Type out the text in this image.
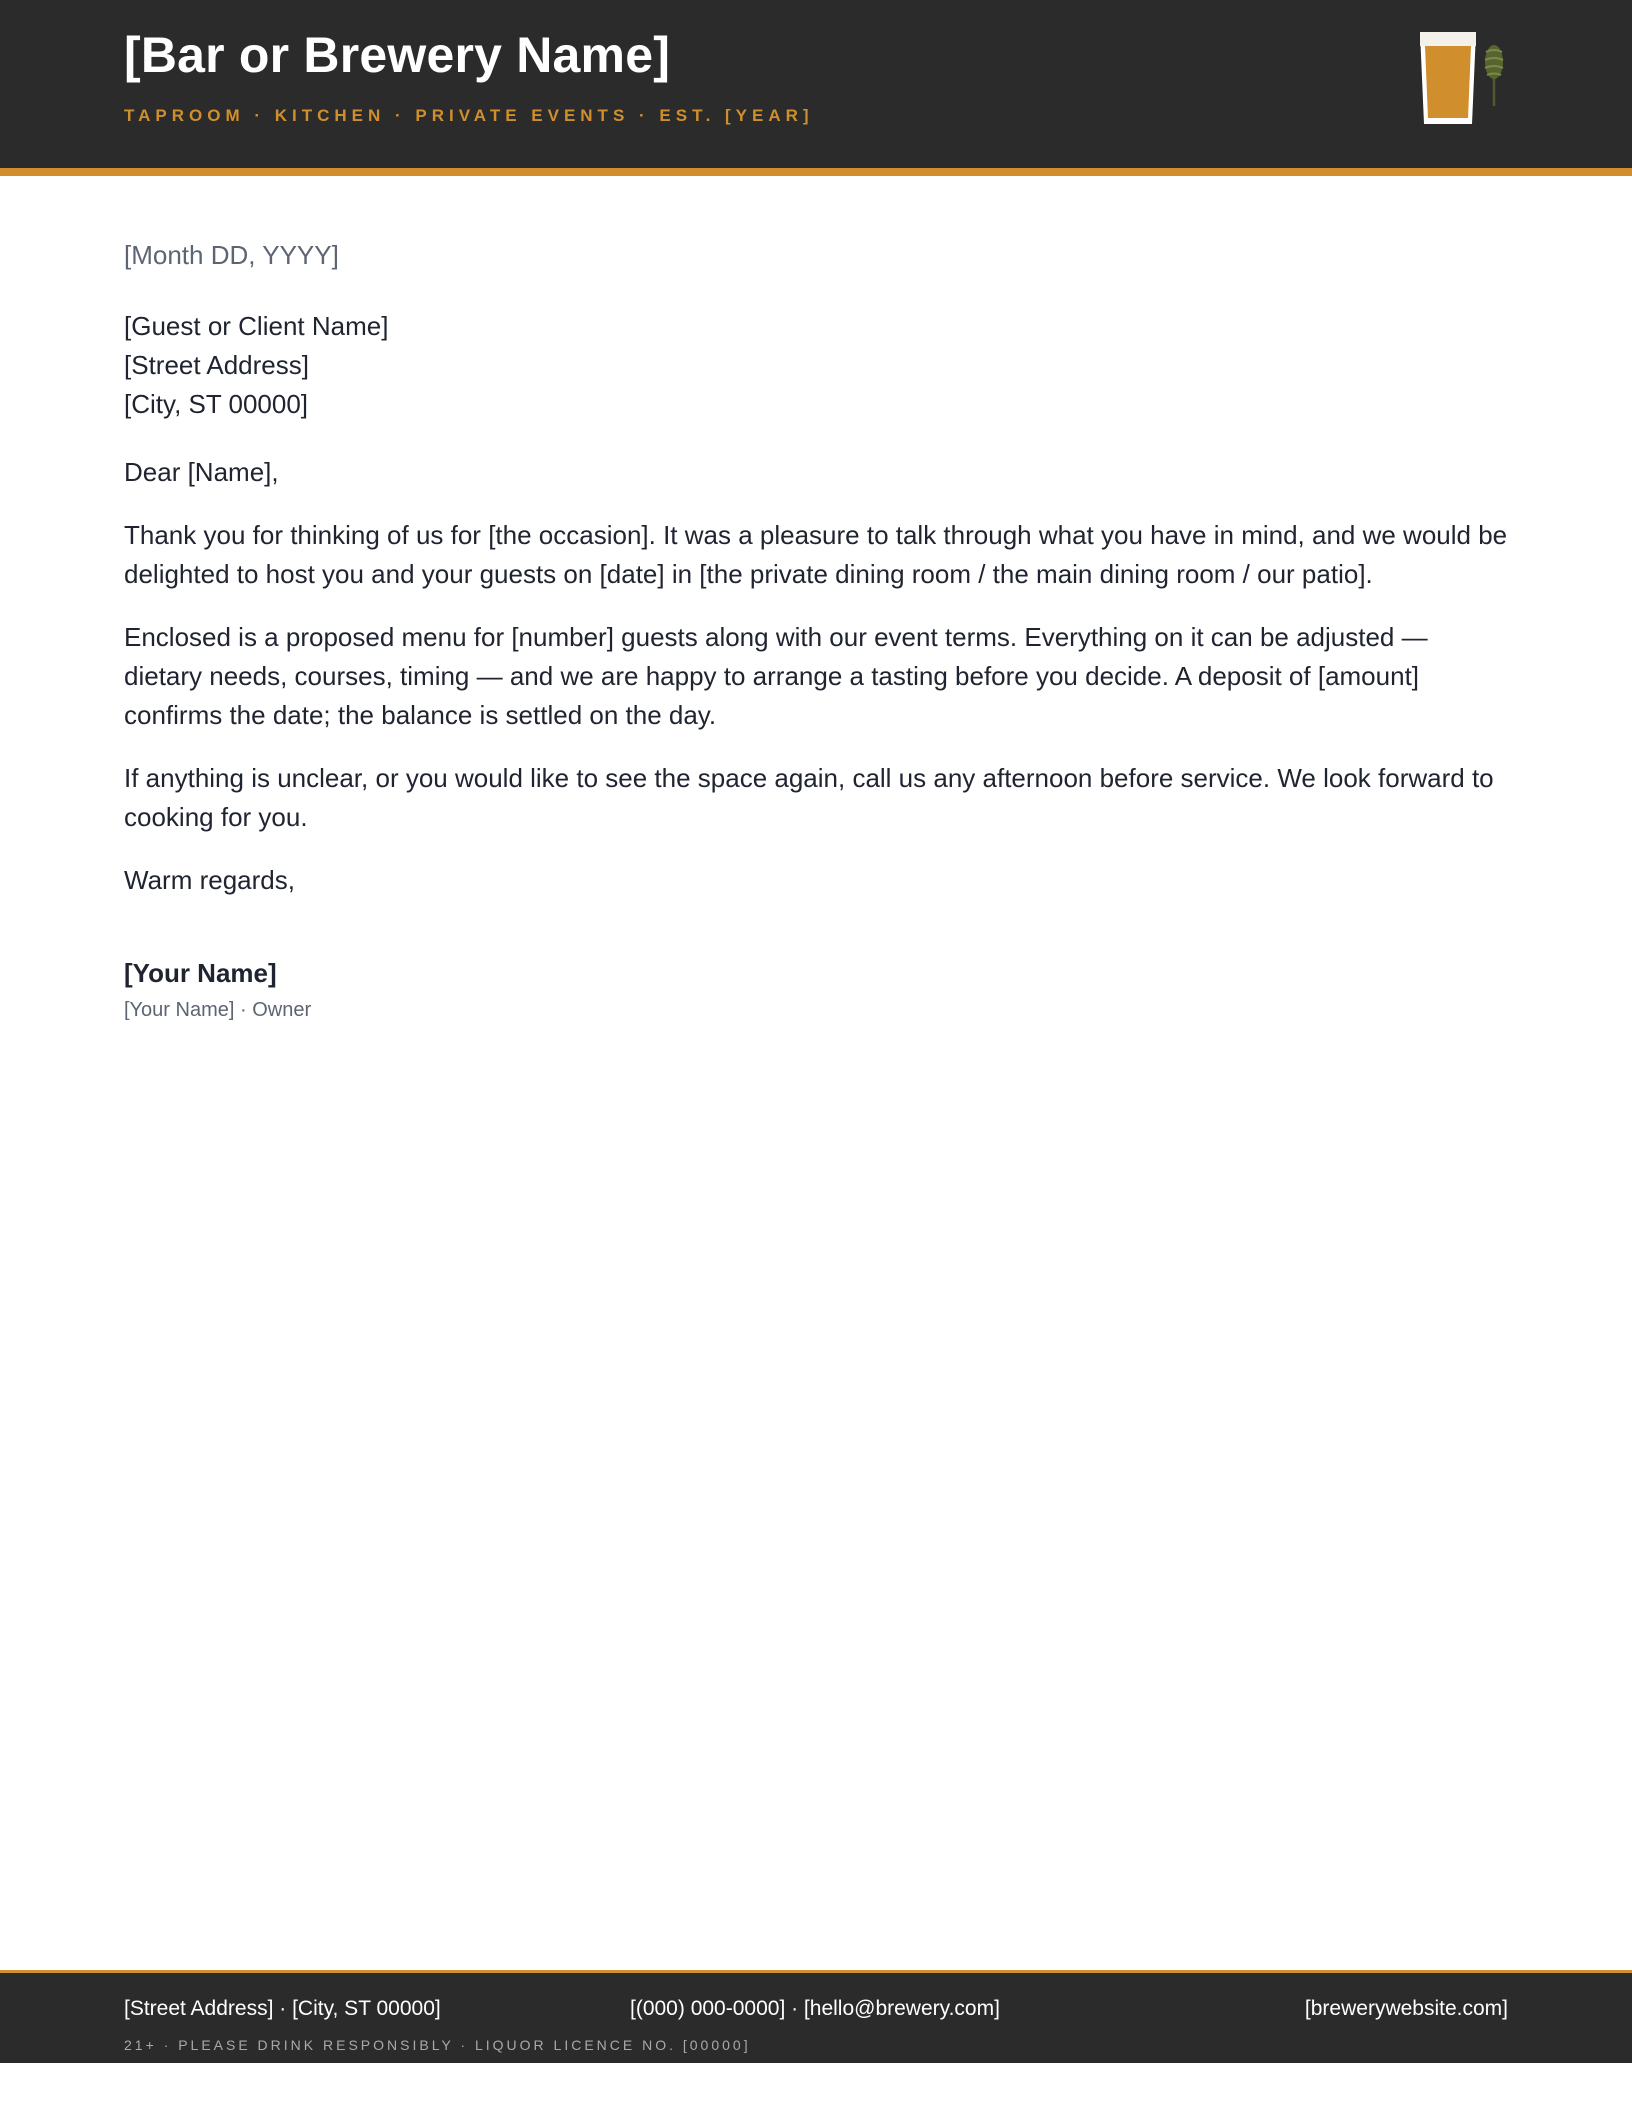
[Bar or Brewery Name]
TAPROOM · KITCHEN · PRIVATE EVENTS · EST. [YEAR]
[Month DD, YYYY]
[Guest or Client Name]
[Street Address]
[City, ST 00000]
Dear [Name],

Thank you for thinking of us for [the occasion]. It was a pleasure to talk through what you have in mind, and we would be delighted to host you and your guests on [date] in [the private dining room / the main dining room / our patio].

Enclosed is a proposed menu for [number] guests along with our event terms. Everything on it can be adjusted — dietary needs, courses, timing — and we are happy to arrange a tasting before you decide. A deposit of [amount] confirms the date; the balance is settled on the day.

If anything is unclear, or you would like to see the space again, call us any afternoon before service. We look forward to cooking for you.

Warm regards,
[Your Name]
[Your Name] · Owner
[Street Address] · [City, ST 00000]	[(000) 000-0000] · [hello@brewery.com]	[brewerywebsite.com]
21+ · PLEASE DRINK RESPONSIBLY · LIQUOR LICENCE NO. [00000]
